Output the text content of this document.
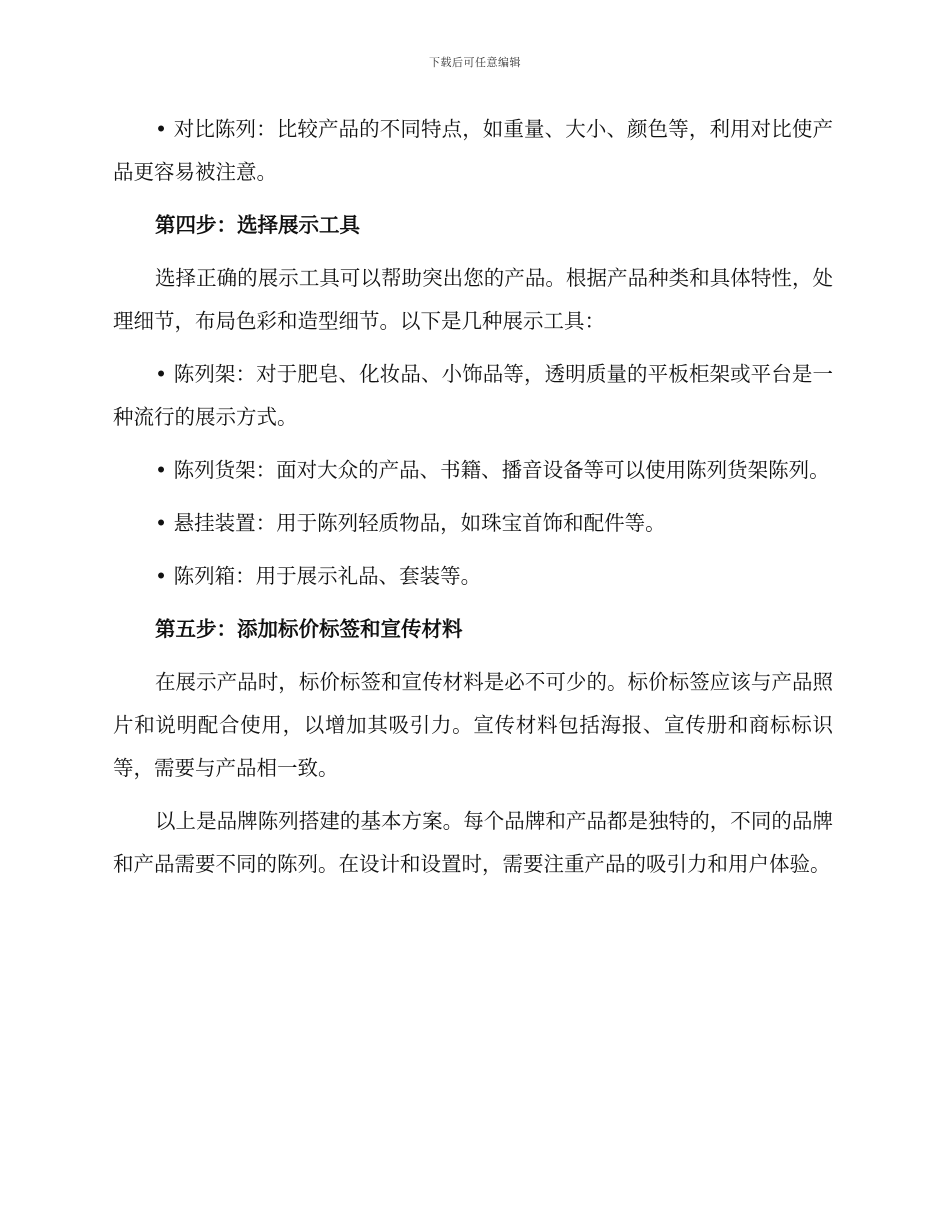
下载后可任意编辑

• 对比陈列：比较产品的不同特点，如重量、大小、颜色等，利用对比使产品更容易被注意。

第四步：选择展示工具

选择正确的展示工具可以帮助突出您的产品。根据产品种类和具体特性，处理细节，布局色彩和造型细节。以下是几种展示工具：

• 陈列架：对于肥皂、化妆品、小饰品等，透明质量的平板柜架或平台是一种流行的展示方式。

• 陈列货架：面对大众的产品、书籍、播音设备等可以使用陈列货架陈列。

• 悬挂装置：用于陈列轻质物品，如珠宝首饰和配件等。

• 陈列箱：用于展示礼品、套装等。

第五步：添加标价标签和宣传材料

在展示产品时，标价标签和宣传材料是必不可少的。标价标签应该与产品照片和说明配合使用，以增加其吸引力。宣传材料包括海报、宣传册和商标标识等，需要与产品相一致。

以上是品牌陈列搭建的基本方案。每个品牌和产品都是独特的，不同的品牌和产品需要不同的陈列。在设计和设置时，需要注重产品的吸引力和用户体验。
